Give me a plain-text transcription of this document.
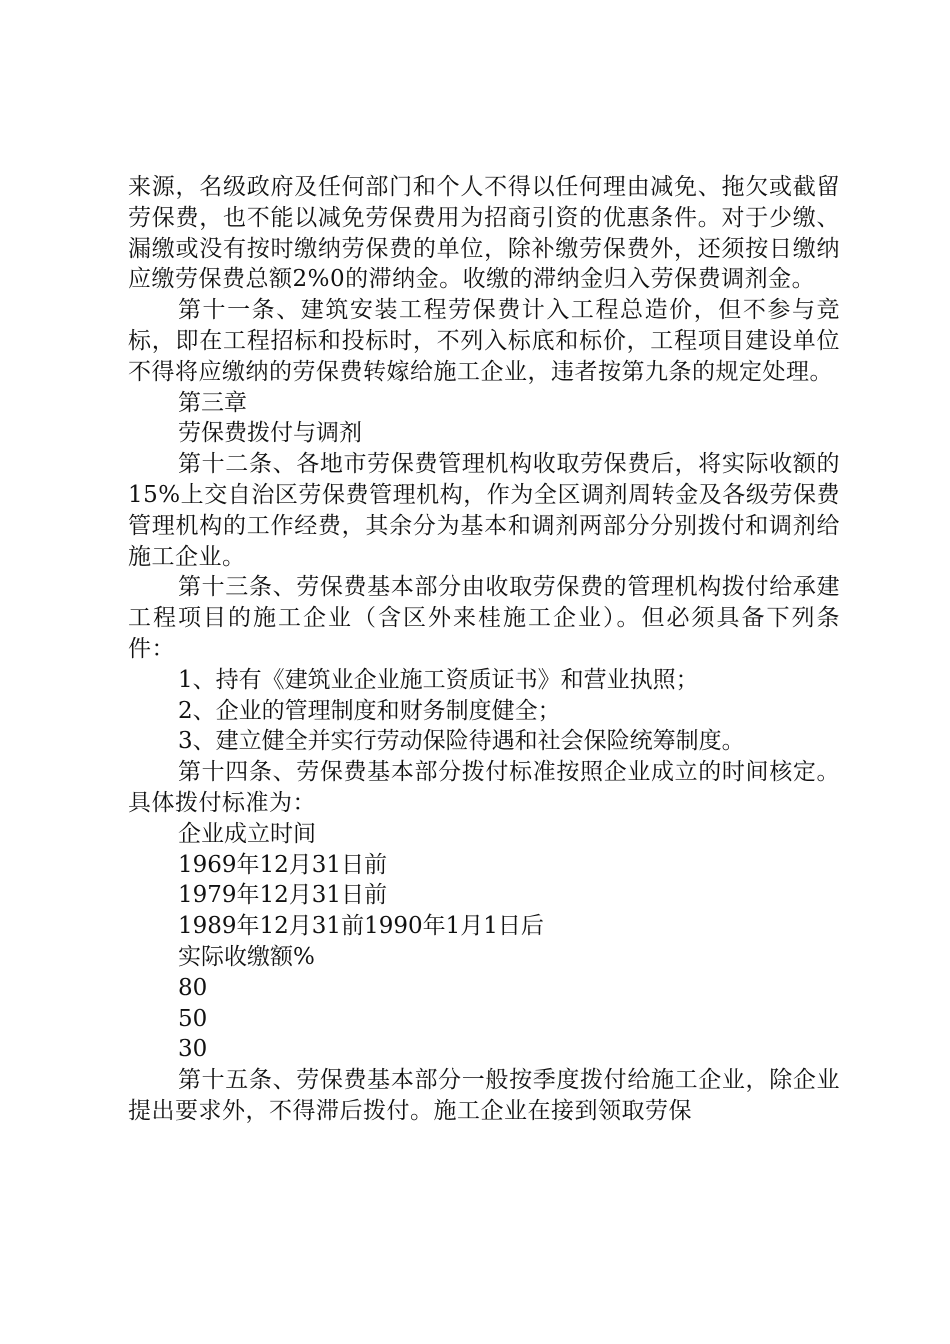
来源，名级政府及任何部门和个人不得以任何理由减免、拖欠或截留劳保费，也不能以减免劳保费用为招商引资的优惠条件。对于少缴、漏缴或没有按时缴纳劳保费的单位，除补缴劳保费外，还须按日缴纳应缴劳保费总额2%0的滞纳金。收缴的滞纳金归入劳保费调剂金。

第十一条、建筑安装工程劳保费计入工程总造价，但不参与竞标，即在工程招标和投标时，不列入标底和标价，工程项目建设单位不得将应缴纳的劳保费转嫁给施工企业，违者按第九条的规定处理。

第三章

劳保费拨付与调剂

第十二条、各地市劳保费管理机构收取劳保费后，将实际收额的15%上交自治区劳保费管理机构，作为全区调剂周转金及各级劳保费管理机构的工作经费，其余分为基本和调剂两部分分别拨付和调剂给施工企业。

第十三条、劳保费基本部分由收取劳保费的管理机构拨付给承建工程项目的施工企业（含区外来桂施工企业）。但必须具备下列条件：

1、持有《建筑业企业施工资质证书》和营业执照；

2、企业的管理制度和财务制度健全；

3、建立健全并实行劳动保险待遇和社会保险统筹制度。

第十四条、劳保费基本部分拨付标准按照企业成立的时间核定。具体拨付标准为：

企业成立时间

1969年12月31日前

1979年12月31日前

1989年12月31前1990年1月1日后

实际收缴额%

80

50

30

第十五条、劳保费基本部分一般按季度拨付给施工企业，除企业提出要求外，不得滞后拨付。施工企业在接到领取劳保
